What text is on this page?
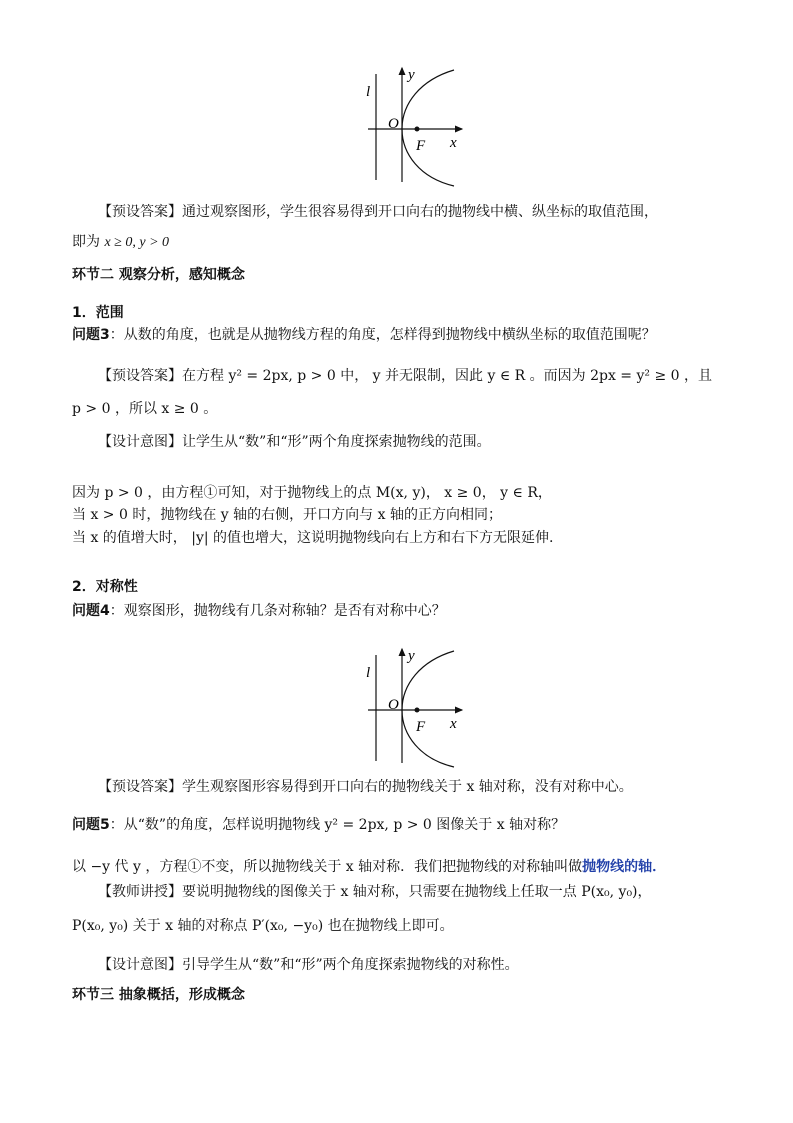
l
y
O
F x
【预设答案】通过观察图形，学生很容易得到开口向右的抛物线中横、纵坐标的取值范围，
即为 x ≥ 0, y > 0
环节二 观察分析，感知概念
1．范围
问题3：从数的角度，也就是从抛物线方程的角度，怎样得到抛物线中横纵坐标的取值范围呢？
【预设答案】在方程 y² = 2px, p > 0 中， y 并无限制，因此 y ∈ R 。而因为 2px = y² ≥ 0 ，且
p > 0 ，所以 x ≥ 0 。
【设计意图】让学生从“数”和“形”两个角度探索抛物线的范围。
因为 p > 0 ，由方程①可知，对于抛物线上的点 M(x, y)， x ≥ 0， y ∈ R，
当 x > 0 时，抛物线在 y 轴的右侧，开口方向与 x 轴的正方向相同；
当 x 的值增大时， |y| 的值也增大，这说明抛物线向右上方和右下方无限延伸.
2．对称性
问题4：观察图形，抛物线有几条对称轴？是否有对称中心？
l
y
O
F x
【预设答案】学生观察图形容易得到开口向右的抛物线关于 x 轴对称，没有对称中心。
问题5：从“数”的角度，怎样说明抛物线 y² = 2px, p > 0 图像关于 x 轴对称？
以 −y 代 y ，方程①不变，所以抛物线关于 x 轴对称．我们把抛物线的对称轴叫做抛物线的轴．
【教师讲授】要说明抛物线的图像关于 x 轴对称，只需要在抛物线上任取一点 P(x₀, y₀)，
P(x₀, y₀) 关于 x 轴的对称点 P′(x₀, −y₀) 也在抛物线上即可。
【设计意图】引导学生从“数”和“形”两个角度探索抛物线的对称性。
环节三 抽象概括，形成概念
